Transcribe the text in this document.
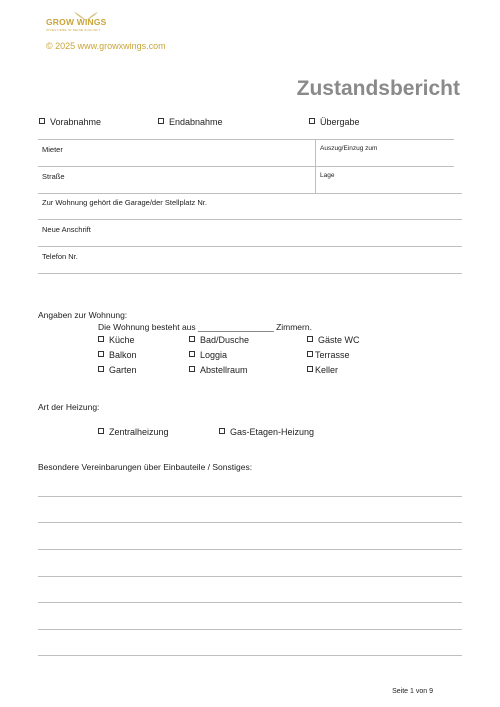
GROW WINGS
INVESTIERE IN DEINE ZUKUNFT
© 2025 www.growxwings.com
Zustandsbericht
Vorabnahme	Endabnahme	Übergabe
Mieter	Auszug/Einzug zum
Straße	Lage
Zur Wohnung gehört die Garage/der Stellplatz Nr.
Neue Anschrift
Telefon Nr.
Angaben zur Wohnung:
Die Wohnung besteht aus ________________ Zimmern.
Küche	Bad/Dusche	Gäste WC
Balkon	Loggia	Terrasse
Garten	Abstellraum	Keller
Art der Heizung:
Zentralheizung	Gas-Etagen-Heizung
Besondere Vereinbarungen über Einbauteile / Sonstiges:
Seite 1 von 9
